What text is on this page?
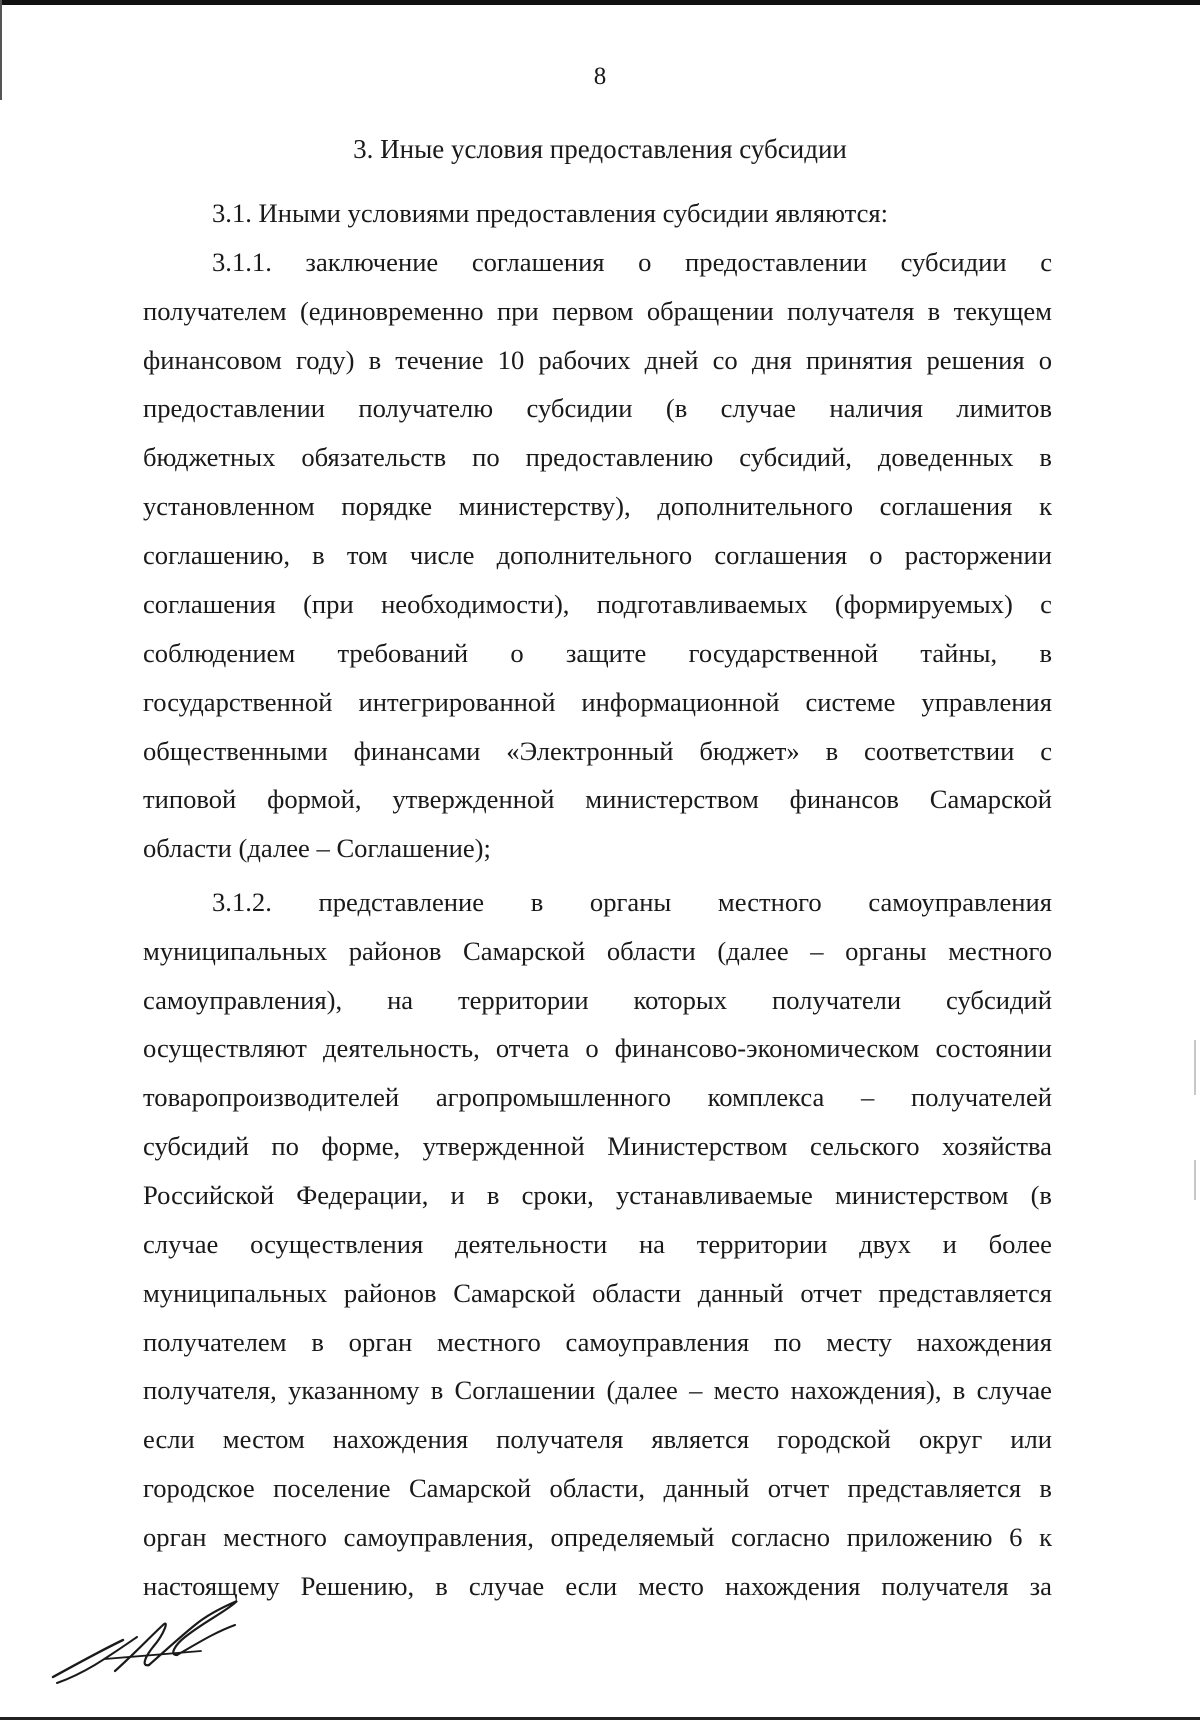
8
3. Иные условия предоставления субсидии
3.1. Иными условиями предоставления субсидии являются:
3.1.1. заключение соглашения о предоставлении субсидии с
получателем (единовременно при первом обращении получателя в текущем
финансовом году) в течение 10 рабочих дней со дня принятия решения о
предоставлении получателю субсидии (в случае наличия лимитов
бюджетных обязательств по предоставлению субсидий, доведенных в
установленном порядке министерству), дополнительного соглашения к
соглашению, в том числе дополнительного соглашения о расторжении
соглашения (при необходимости), подготавливаемых (формируемых) с
соблюдением требований о защите государственной тайны, в
государственной интегрированной информационной системе управления
общественными финансами «Электронный бюджет» в соответствии с
типовой формой, утвержденной министерством финансов Самарской
области (далее – Соглашение);
3.1.2. представление в органы местного самоуправления
муниципальных районов Самарской области (далее – органы местного
самоуправления), на территории которых получатели субсидий
осуществляют деятельность, отчета о финансово-экономическом состоянии
товаропроизводителей агропромышленного комплекса – получателей
субсидий по форме, утвержденной Министерством сельского хозяйства
Российской Федерации, и в сроки, устанавливаемые министерством (в
случае осуществления деятельности на территории двух и более
муниципальных районов Самарской области данный отчет представляется
получателем в орган местного самоуправления по месту нахождения
получателя, указанному в Соглашении (далее – место нахождения), в случае
если местом нахождения получателя является городской округ или
городское поселение Самарской области, данный отчет представляется в
орган местного самоуправления, определяемый согласно приложению 6 к
настоящему Решению, в случае если место нахождения получателя за
